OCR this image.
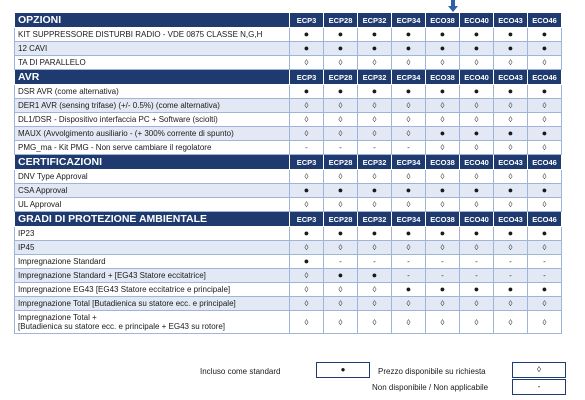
OPZIONI	ECP3	ECP28	ECP32	ECP34	ECO38	ECO40	ECO43	ECO46
KIT SUPPRESSORE DISTURBI RADIO - VDE 0875 CLASSE N,G,H	●	●	●	●	●	●	●	●
12 CAVI	●	●	●	●	●	●	●	●
TA DI PARALLELO	◊	◊	◊	◊	◊	◊	◊	◊
AVR	ECP3	ECP28	ECP32	ECP34	ECO38	ECO40	ECO43	ECO46
DSR AVR (come alternativa)	●	●	●	●	●	●	●	●
DER1 AVR (sensing trifase) (+/- 0.5%) (come alternativa)	◊	◊	◊	◊	◊	◊	◊	◊
DL1/DSR - Dispositivo interfaccia PC + Software (sciolti)	◊	◊	◊	◊	◊	◊	◊	◊
MAUX (Avvolgimento ausiliario - (+ 300% corrente di spunto)	◊	◊	◊	◊	●	●	●	●
PMG_ma - Kit PMG - Non serve cambiare il regolatore	-	-	-	-	◊	◊	◊	◊
CERTIFICAZIONI	ECP3	ECP28	ECP32	ECP34	ECO38	ECO40	ECO43	ECO46
DNV Type Approval	◊	◊	◊	◊	◊	◊	◊	◊
CSA Approval	●	●	●	●	●	●	●	●
UL Approval	◊	◊	◊	◊	◊	◊	◊	◊
GRADI DI PROTEZIONE AMBIENTALE	ECP3	ECP28	ECP32	ECP34	ECO38	ECO40	ECO43	ECO46
IP23	●	●	●	●	●	●	●	●
IP45	◊	◊	◊	◊	◊	◊	◊	◊
Impregnazione Standard	●	-	-	-	-	-	-	-
Impregnazione Standard + [EG43 Statore eccitatrice]	◊	●	●	-	-	-	-	-
Impregnazione EG43 [EG43 Statore eccitatrice e principale]	◊	◊	◊	●	●	●	●	●
Impregnazione Total [Butadienica su statore ecc. e principale]	◊	◊	◊	◊	◊	◊	◊	◊
Impregnazione Total +
[Butadienica su statore ecc. e principale + EG43 su rotore]	◊	◊	◊	◊	◊	◊	◊	◊
Incluso come standard	●	Prezzo disponibile su richiesta	◊
Non disponibile / Non applicabile	-
